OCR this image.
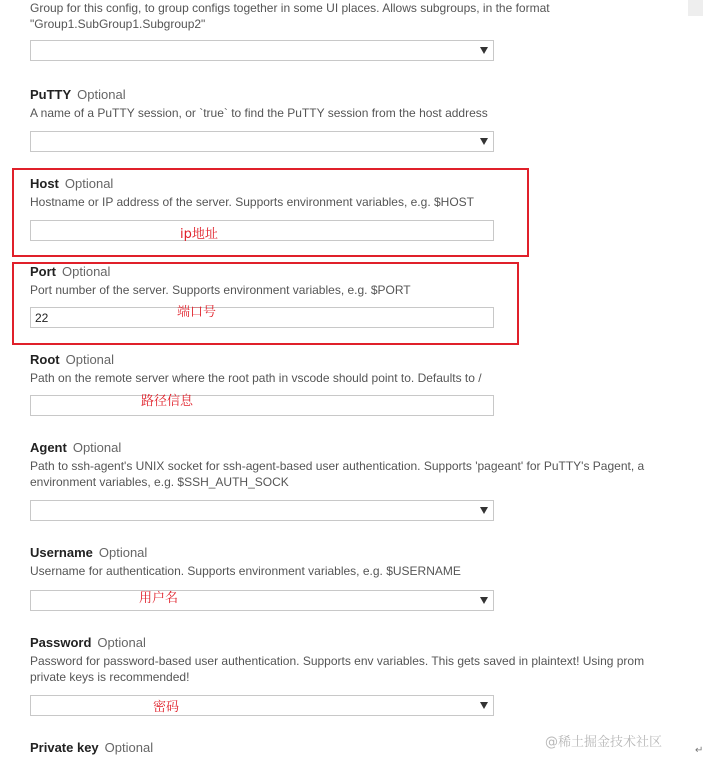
Group for this config, to group configs together in some UI places. Allows subgroups, in the format
"Group1.SubGroup1.Subgroup2"
PuTTY Optional
A name of a PuTTY session, or `true` to find the PuTTY session from the host address
Host Optional
Hostname or IP address of the server. Supports environment variables, e.g. $HOST
ip地址
Port Optional
Port number of the server. Supports environment variables, e.g. $PORT
22	端口号
Root Optional
Path on the remote server where the root path in vscode should point to. Defaults to /
路径信息
Agent Optional
Path to ssh-agent's UNIX socket for ssh-agent-based user authentication. Supports 'pageant' for PuTTY's Pagent, a
environment variables, e.g. $SSH_AUTH_SOCK
Username Optional
Username for authentication. Supports environment variables, e.g. $USERNAME
用户名
Password Optional
Password for password-based user authentication. Supports env variables. This gets saved in plaintext! Using prom
private keys is recommended!
密码
Private key Optional	@稀土掘金技术社区
↵
